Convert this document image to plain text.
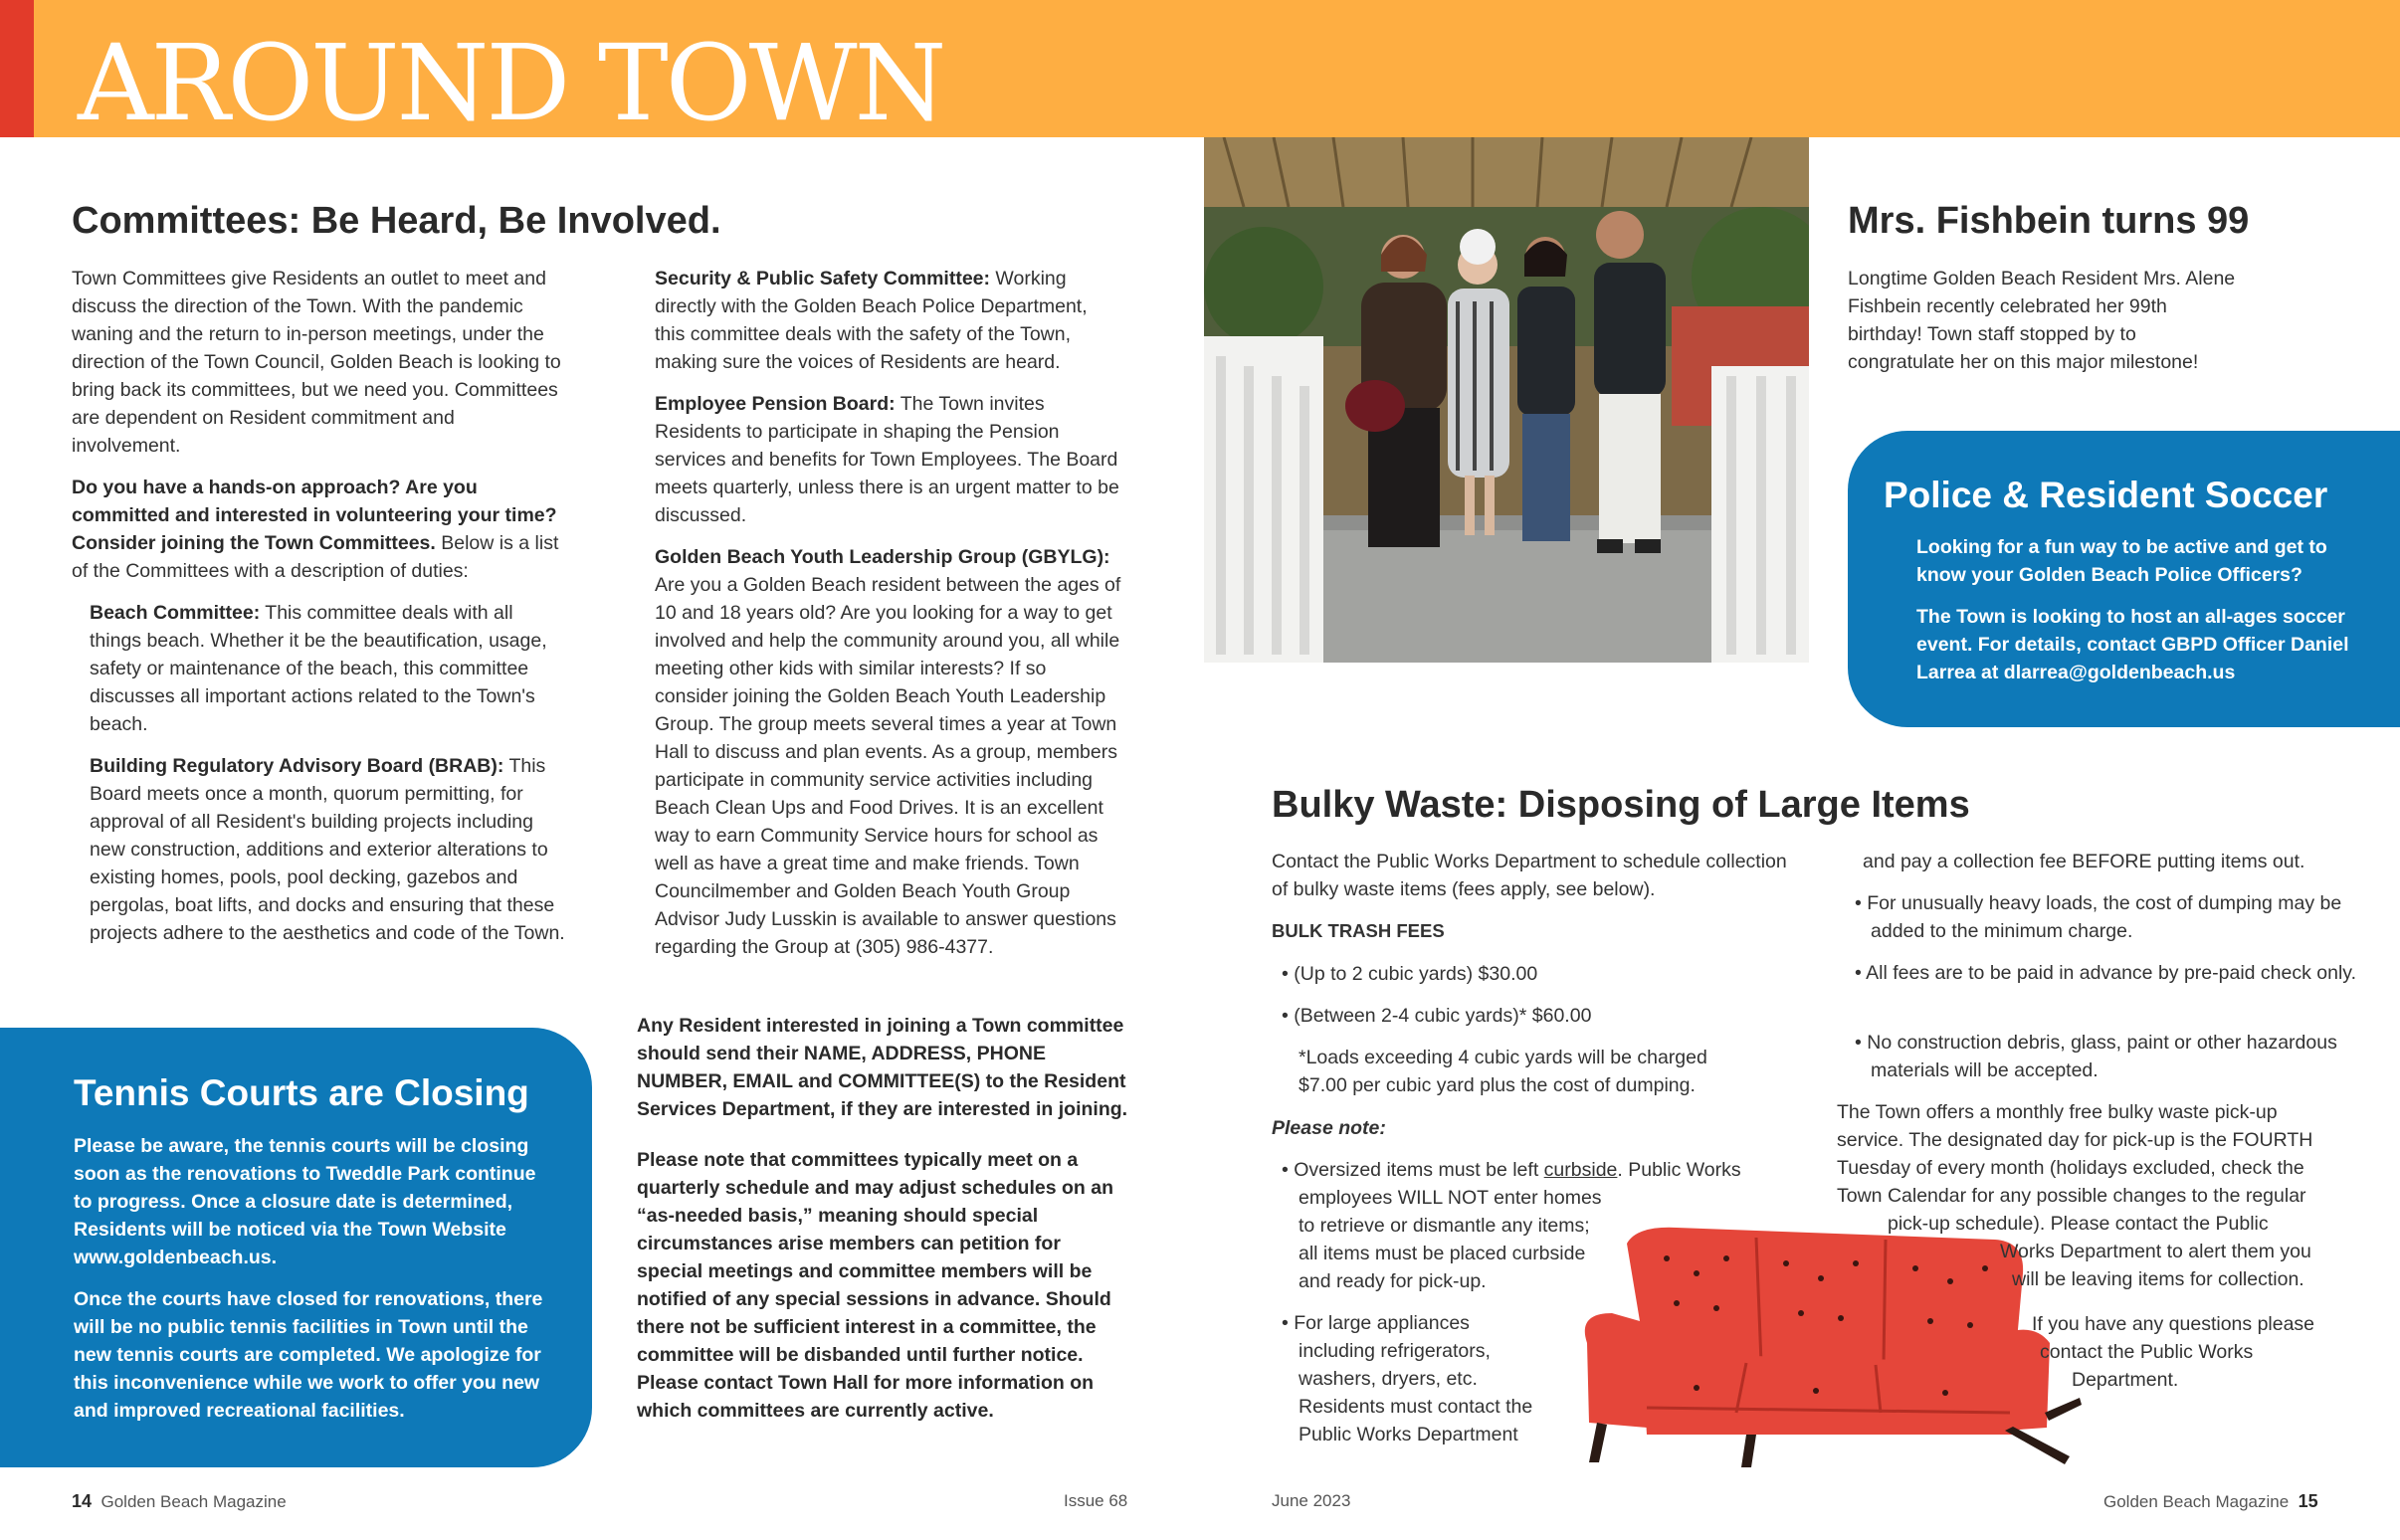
AROUND TOWN
Committees: Be Heard, Be Involved.

Town Committees give Residents an outlet to meet and discuss the direction of the Town. With the pandemic waning and the return to in-person meetings, under the direction of the Town Council, Golden Beach is looking to bring back its committees, but we need you. Committees are dependent on Resident commitment and involvement.

Do you have a hands-on approach? Are you committed and interested in volunteering your time? Consider joining the Town Committees. Below is a list of the Committees with a description of duties:

Beach Committee: This committee deals with all things beach. Whether it be the beautification, usage, safety or maintenance of the beach, this committee discusses all important actions related to the Town's beach.

Building Regulatory Advisory Board (BRAB): This Board meets once a month, quorum permitting, for approval of all Resident's building projects including new construction, additions and exterior alterations to existing homes, pools, pool decking, gazebos and pergolas, boat lifts, and docks and ensuring that these projects adhere to the aesthetics and code of the Town.

Security & Public Safety Committee: Working directly with the Golden Beach Police Department, this committee deals with the safety of the Town, making sure the voices of Residents are heard.

Employee Pension Board: The Town invites Residents to participate in shaping the Pension services and benefits for Town Employees. The Board meets quarterly, unless there is an urgent matter to be discussed.

Golden Beach Youth Leadership Group (GBYLG): Are you a Golden Beach resident between the ages of 10 and 18 years old? Are you looking for a way to get involved and help the community around you, all while meeting other kids with similar interests? If so consider joining the Golden Beach Youth Leadership Group. The group meets several times a year at Town Hall to discuss and plan events. As a group, members participate in community service activities including Beach Clean Ups and Food Drives. It is an excellent way to earn Community Service hours for school as well as have a great time and make friends. Town Councilmember and Golden Beach Youth Group Advisor Judy Lusskin is available to answer questions regarding the Group at (305) 986-4377.

Any Resident interested in joining a Town committee should send their NAME, ADDRESS, PHONE NUMBER, EMAIL and COMMITTEE(S) to the Resident Services Department, if they are interested in joining.
Please note that committees typically meet on a quarterly schedule and may adjust schedules on an “as-needed basis,” meaning should special circumstances arise members can petition for special meetings and committee members will be notified of any special sessions in advance. Should there not be sufficient interest in a committee, the committee will be disbanded until further notice. Please contact Town Hall for more information on which committees are currently active.
Tennis Courts are Closing

Please be aware, the tennis courts will be closing soon as the renovations to Tweddle Park continue to progress. Once a closure date is determined, Residents will be noticed via the Town Website www.goldenbeach.us.

Once the courts have closed for renovations, there will be no public tennis facilities in Town until the new tennis courts are completed. We apologize for this inconvenience while we work to offer you new and improved recreational facilities.

Mrs. Fishbein turns 99
Longtime Golden Beach Resident Mrs. Alene Fishbein recently celebrated her 99th birthday! Town staff stopped by to congratulate her on this major milestone!
Police & Resident Soccer

Looking for a fun way to be active and get to know your Golden Beach Police Officers?

The Town is looking to host an all-ages soccer event. For details, contact GBPD Officer Daniel Larrea at dlarrea@goldenbeach.us

Bulky Waste: Disposing of Large Items
Contact the Public Works Department to schedule collection of bulky waste items (fees apply, see below).
BULK TRASH FEES
• (Up to 2 cubic yards) $30.00
• (Between 2-4 cubic yards)* $60.00
*Loads exceeding 4 cubic yards will be charged $7.00 per cubic yard plus the cost of dumping.
Please note:
• Oversized items must be left curbside. Public Works
employees WILL NOT enter homes
to retrieve or dismantle any items;
all items must be placed curbside
and ready for pick-up.
• For large appliances
including refrigerators,
washers, dryers, etc.
Residents must contact the
Public Works Department
and pay a collection fee BEFORE putting items out.
• For unusually heavy loads, the cost of dumping may be added to the minimum charge.
• All fees are to be paid in advance by pre-paid check only.
• No construction debris, glass, paint or other hazardous materials will be accepted.
The Town offers a monthly free bulky waste pick-up
service. The designated day for pick-up is the FOURTH
Tuesday of every month (holidays excluded, check the
Town Calendar for any possible changes to the regular
pick-up schedule). Please contact the Public
Works Department to alert them you
will be leaving items for collection.
If you have any questions please
contact the Public Works
Department.
14 Golden Beach Magazine	Issue 68	June 2023	Golden Beach Magazine 15
